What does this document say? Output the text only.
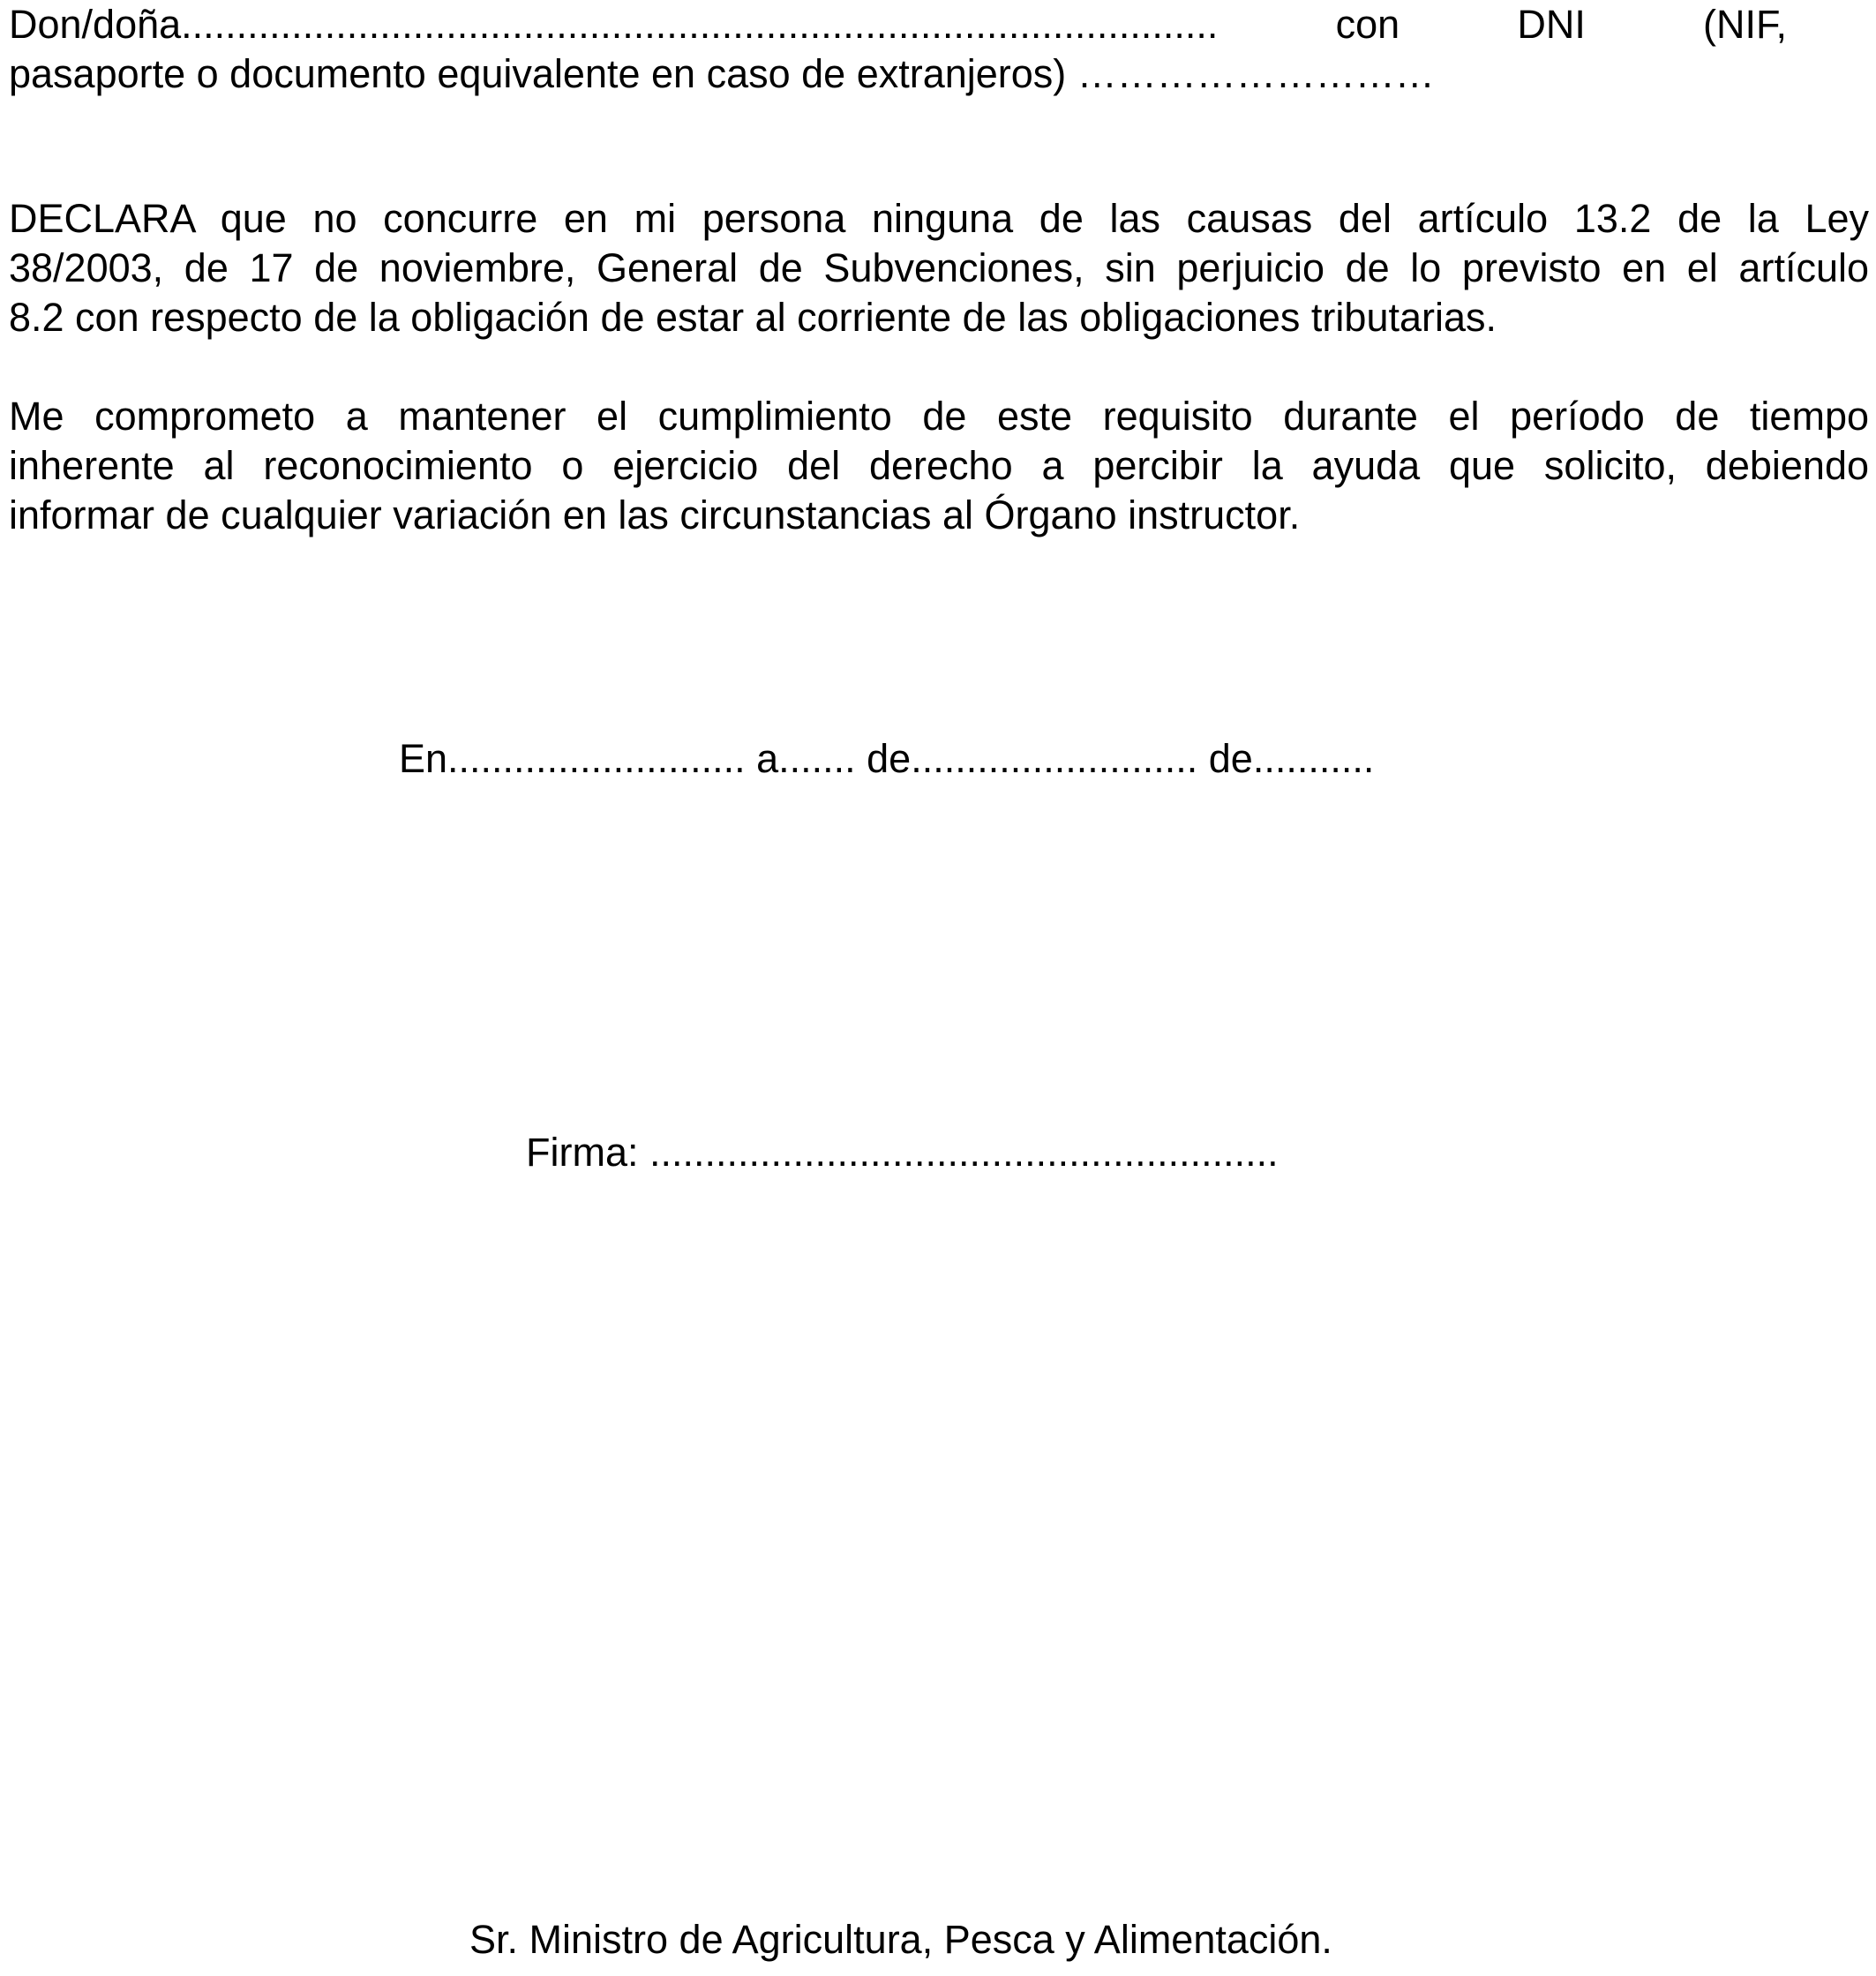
Don/doña.............................................................................................. con DNI (NIF,
pasaporte o documento equivalente en caso de extranjeros) ………………………
DECLARA que no concurre en mi persona ninguna de las causas del artículo 13.2 de la Ley
38/2003, de 17 de noviembre, General de Subvenciones, sin perjuicio de lo previsto en el artículo
8.2 con respecto de la obligación de estar al corriente de las obligaciones tributarias.
Me comprometo a mantener el cumplimiento de este requisito durante el período de tiempo
inherente al reconocimiento o ejercicio del derecho a percibir la ayuda que solicito, debiendo
informar de cualquier variación en las circunstancias al Órgano instructor.
En........................... a....... de.......................... de...........
Firma: .........................................................
Sr. Ministro de Agricultura, Pesca y Alimentación.
